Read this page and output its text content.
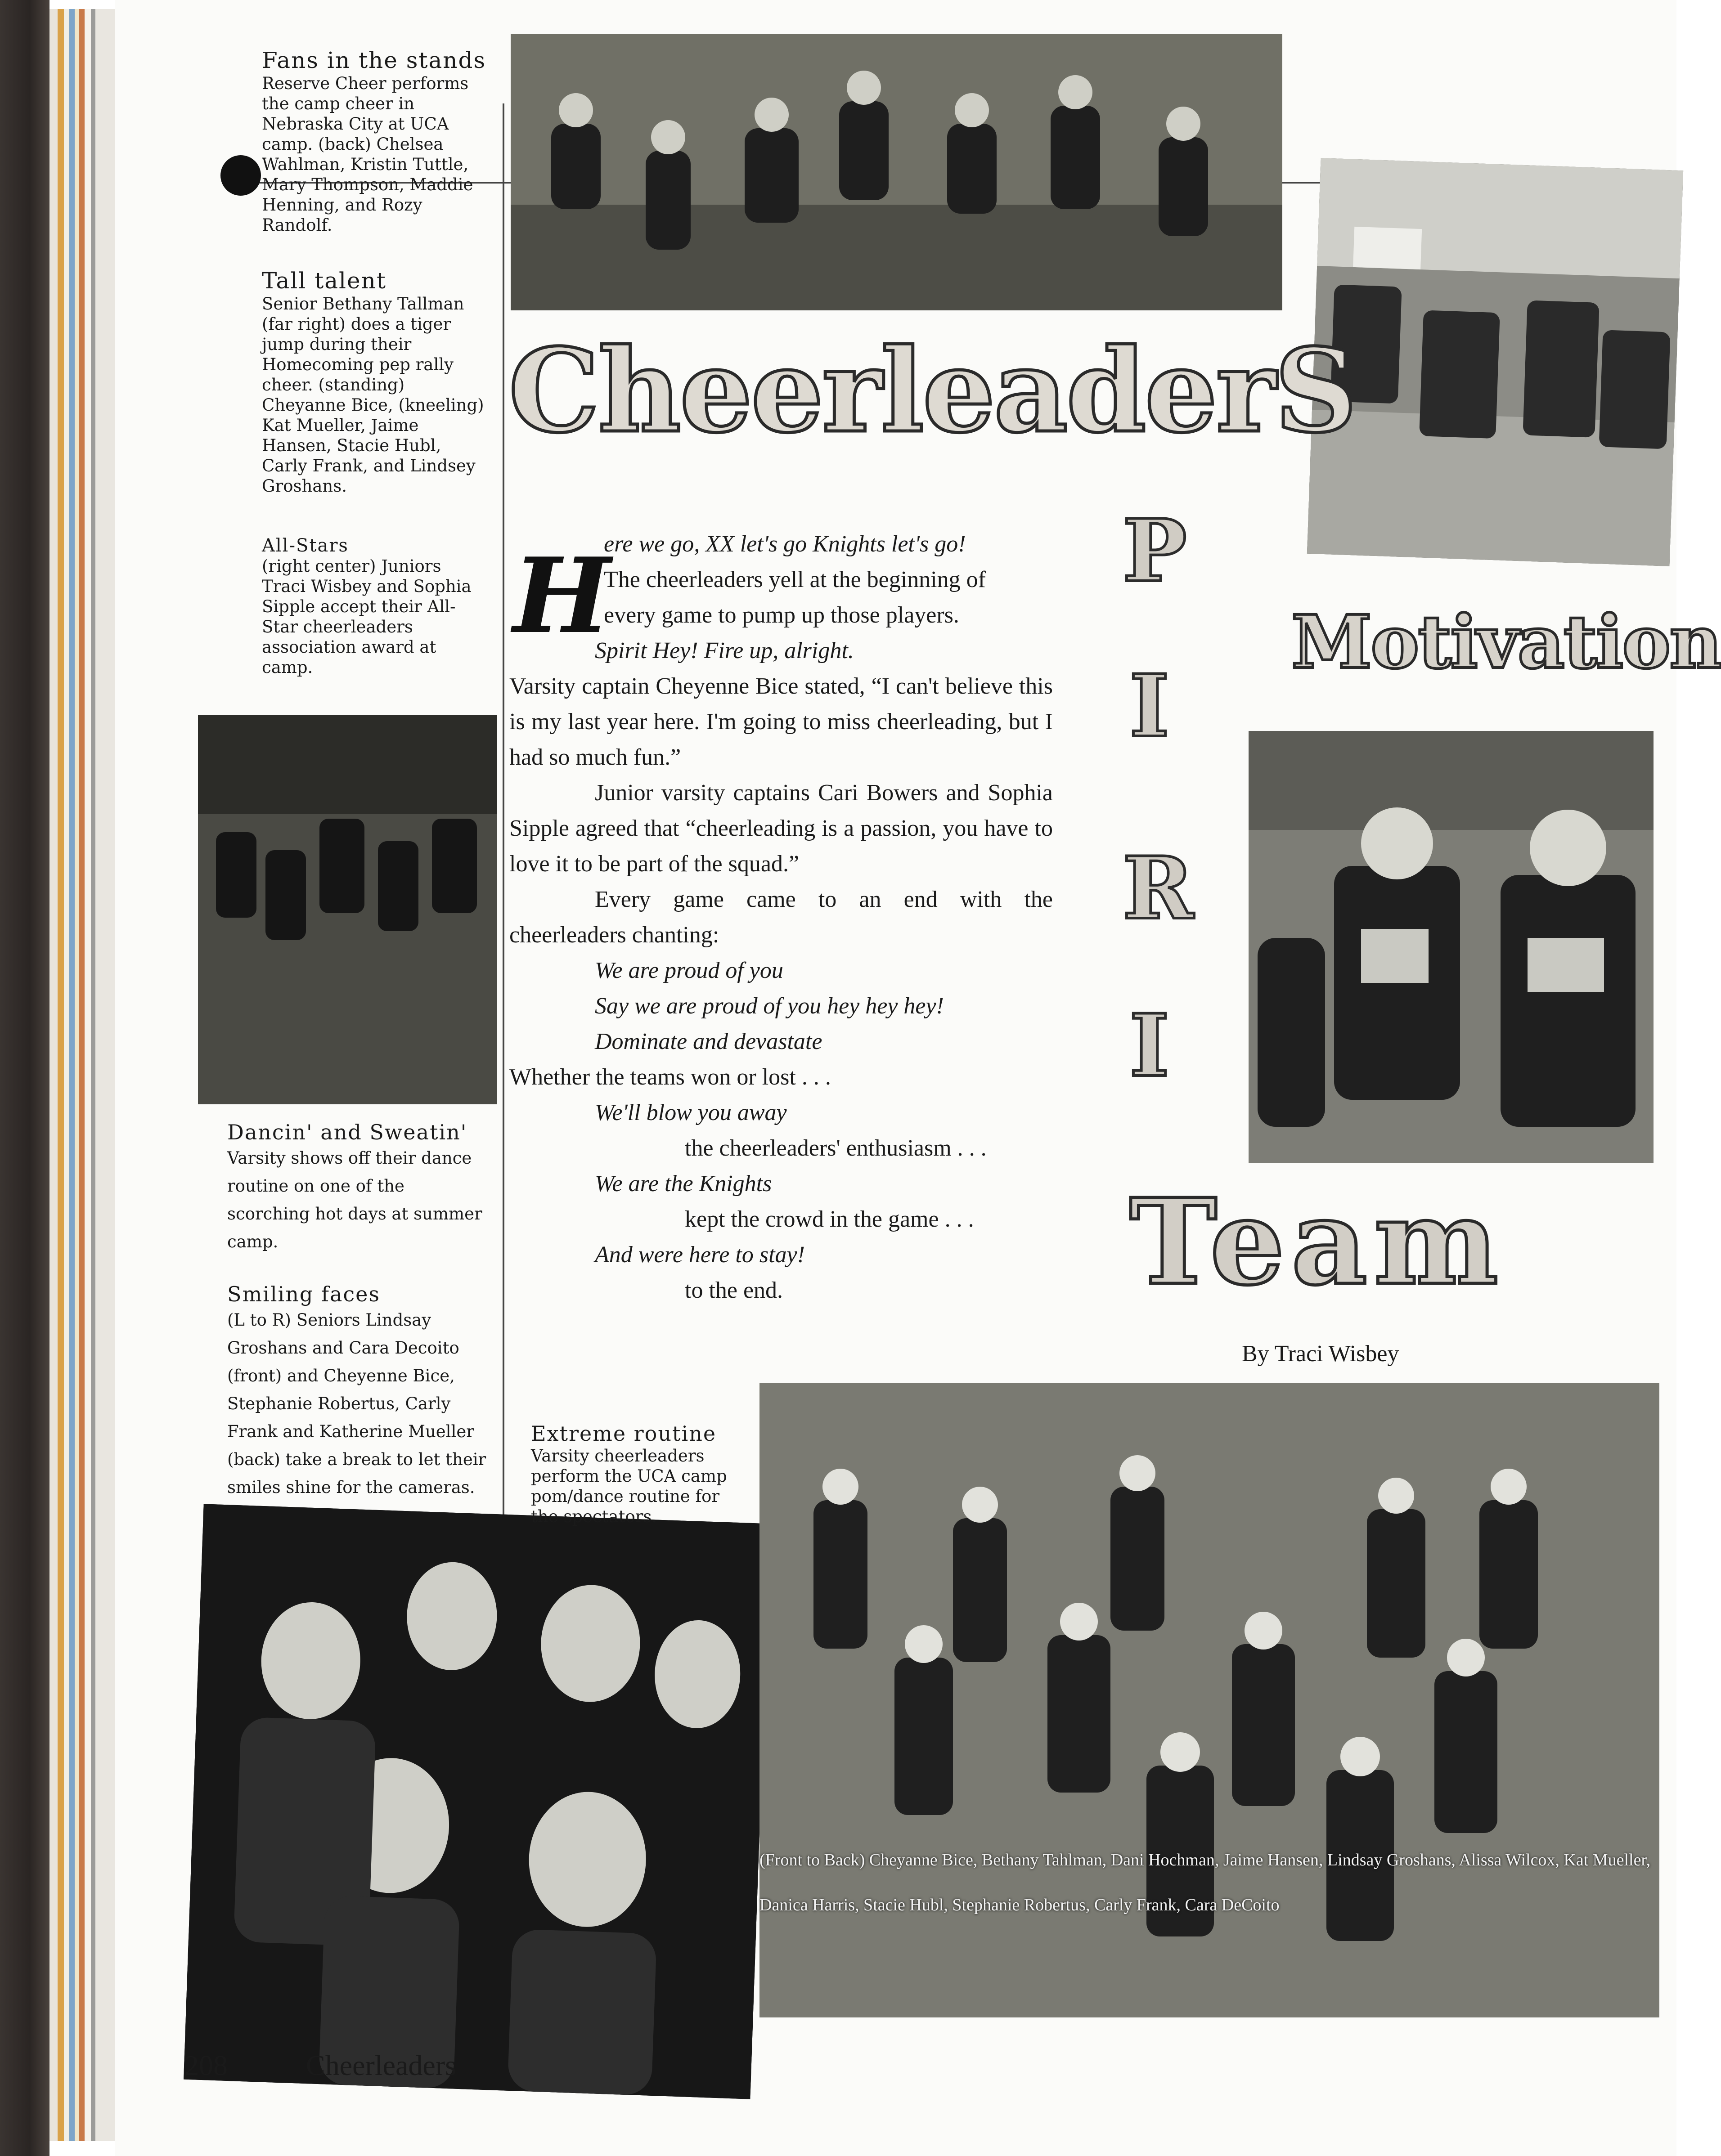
(Front to Back) Cheyanne Bice, Bethany Tahlman, Dani Hochman, Jaime Hansen, Lindsay Groshans, Alissa Wilcox, Kat Mueller, Danica Harris, Stacie Hubl, Stephanie Robertus, Carly Frank, Cara DeCoito
Fans in the stands
Reserve Cheer performs the camp cheer in Nebraska City at UCA camp. (back) Chelsea Wahlman, Kristin Tuttle, Mary Thompson, Maddie Henning, and Rozy Randolf.
Tall talent
Senior Bethany Tallman (far right) does a tiger jump during their Homecoming pep rally cheer. (standing) Cheyanne Bice, (kneeling) Kat Mueller, Jaime Hansen, Stacie Hubl, Carly Frank, and Lindsey Groshans.
All-Stars
(right center) Juniors Traci Wisbey and Sophia Sipple accept their All-Star cheerleaders association award at camp.
Dancin' and Sweatin'
Varsity shows off their dance routine on one of the scorching hot days at summer camp.
Smiling faces
(L to R) Seniors Lindsay Groshans and Cara Decoito (front) and Cheyenne Bice, Stephanie Robertus, Carly Frank and Katherine Mueller (back) take a break to let their smiles shine for the cameras.
Extreme routine
Varsity cheerleaders perform the UCA camp pom/dance routine for the spectators.
CheerleaderS
P
I
R
I
Motivation
Team
By Traci Wisbey
H

ere we go, XX let's go Knights let's go!

The cheerleaders yell at the beginning of

every game to pump up those players.

Spirit Hey! Fire up, alright.

Varsity captain Cheyenne Bice stated, “I can't believe this is my last year here. I'm going to miss cheerleading, but I had so much fun.”

Junior varsity captains Cari Bowers and Sophia Sipple agreed that “cheerleading is a passion, you have to love it to be part of the squad.”

Every game came to an end with the cheerleaders chanting:

We are proud of you

Say we are proud of you hey hey hey!

Dominate and devastate

Whether the teams won or lost . . .

We'll blow you away

the cheerleaders' enthusiasm . . .

We are the Knights

kept the crowd in the game . . .

And were here to stay!

to the end.

208	Cheerleaders
